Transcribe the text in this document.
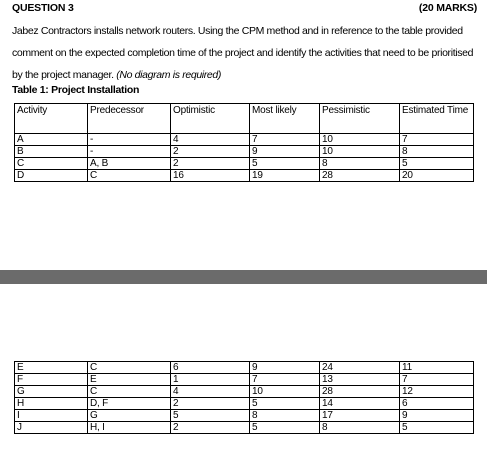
QUESTION 3	(20 MARKS)
Jabez Contractors installs network routers. Using the CPM method and in reference to the table provided
comment on the expected completion time of the project and identify the activities that need to be prioritised
by the project manager. (No diagram is required)
Table 1: Project Installation
Activity	Predecessor	Optimistic	Most likely	Pessimistic	Estimated Time
A	-	4	7	10	7
B	-	2	9	10	8
C	A, B	2	5	8	5
D	C	16	19	28	20
E	C	6	9	24	11
F	E	1	7	13	7
G	C	4	10	28	12
H	D, F	2	5	14	6
I	G	5	8	17	9
J	H, I	2	5	8	5
